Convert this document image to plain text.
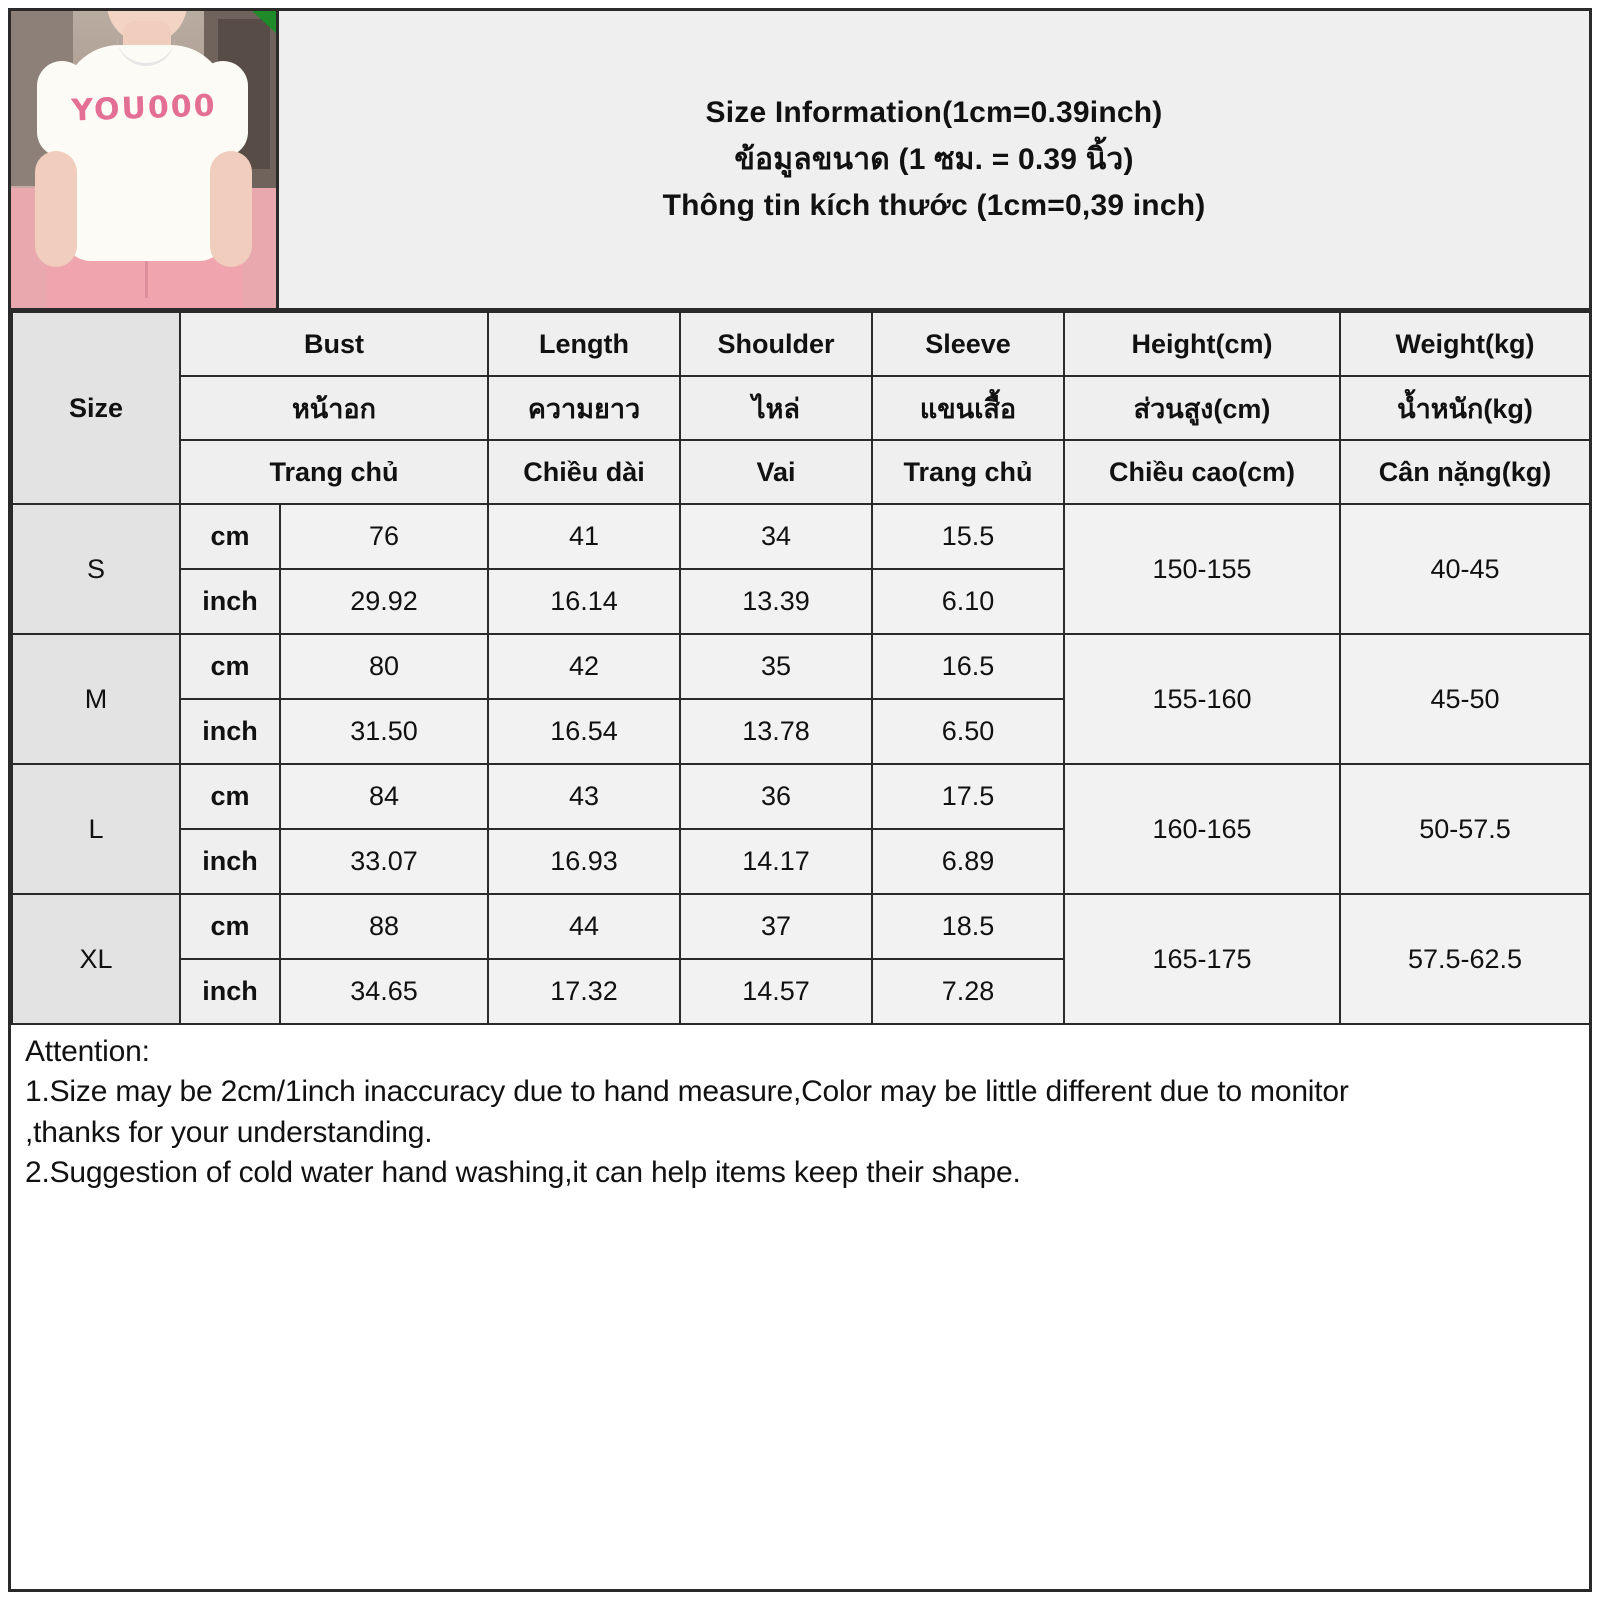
YOU000	Size Information(1cm=0.39inch)
ข้อมูลขนาด (1 ซม. = 0.39 นิ้ว)
Thông tin kích thước (1cm=0,39 inch)
Size	Bust		Length	Shoulder	Sleeve	Height(cm)	Weight(kg)
	หน้าอก		ความยาว	ไหล่	แขนเสื้อ	ส่วนสูง(cm)	น้ำหนัก(kg)
	Trang chủ		Chiều dài	Vai	Trang chủ	Chiều cao(cm)	Cân nặng(kg)
S	cm	76	41	34	15.5	150-155	40-45
	inch	29.92	16.14	13.39	6.10		
M	cm	80	42	35	16.5	155-160	45-50
	inch	31.50	16.54	13.78	6.50		
L	cm	84	43	36	17.5	160-165	50-57.5
	inch	33.07	16.93	14.17	6.89		
XL	cm	88	44	37	18.5	165-175	57.5-62.5
	inch	34.65	17.32	14.57	7.28		

Attention:

1.Size may be 2cm/1inch inaccuracy due to hand measure,Color may be little different due to monitor

,thanks for your understanding.

2.Suggestion of cold water hand washing,it can help items keep their shape.
